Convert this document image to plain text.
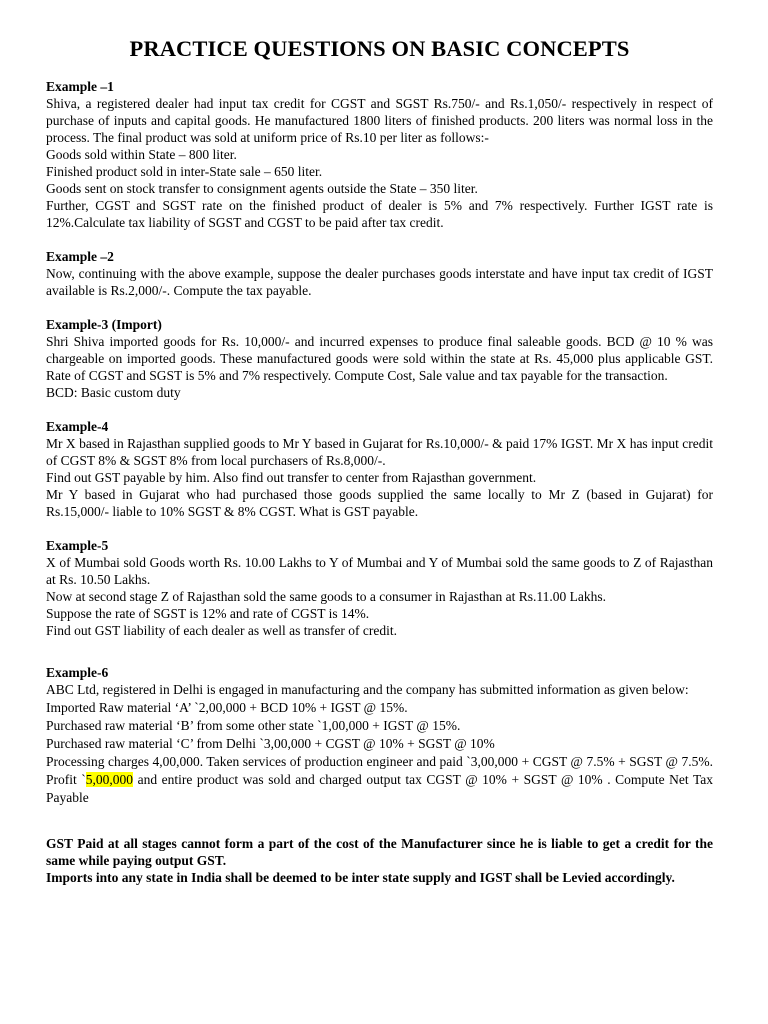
PRACTICE QUESTIONS ON BASIC CONCEPTS

Example –1

Shiva, a registered dealer had input tax credit for CGST and SGST Rs.750/- and Rs.1,050/- respectively in respect of purchase of inputs and capital goods. He manufactured 1800 liters of finished products. 200 liters was normal loss in the process. The final product was sold at uniform price of Rs.10 per liter as follows:-

Goods sold within State – 800 liter.

Finished product sold in inter-State sale – 650 liter.

Goods sent on stock transfer to consignment agents outside the State – 350 liter.

Further, CGST and SGST rate on the finished product of dealer is 5% and 7% respectively. Further IGST rate is 12%.Calculate tax liability of SGST and CGST to be paid after tax credit.

Example –2

Now, continuing with the above example, suppose the dealer purchases goods interstate and have input tax credit of IGST available is Rs.2,000/-. Compute the tax payable.

Example-3 (Import)

Shri Shiva imported goods for Rs. 10,000/- and incurred expenses to produce final saleable goods. BCD @ 10 % was chargeable on imported goods. These manufactured goods were sold within the state at Rs. 45,000 plus applicable GST. Rate of CGST and SGST is 5% and 7% respectively. Compute Cost, Sale value and tax payable for the transaction.

BCD: Basic custom duty

Example-4

Mr X based in Rajasthan supplied goods to Mr Y based in Gujarat for Rs.10,000/- & paid 17% IGST. Mr X has input credit of CGST 8% & SGST 8% from local purchasers of Rs.8,000/-.

Find out GST payable by him. Also find out transfer to center from Rajasthan government.

Mr Y based in Gujarat who had purchased those goods supplied the same locally to Mr Z (based in Gujarat) for Rs.15,000/- liable to 10% SGST & 8% CGST. What is GST payable.

Example-5

X of Mumbai sold Goods worth Rs. 10.00 Lakhs to Y of Mumbai and Y of Mumbai sold the same goods to Z of Rajasthan at Rs. 10.50 Lakhs.

Now at second stage Z of Rajasthan sold the same goods to a consumer in Rajasthan at Rs.11.00 Lakhs.

Suppose the rate of SGST is 12% and rate of CGST is 14%.

Find out GST liability of each dealer as well as transfer of credit.

Example-6

ABC Ltd, registered in Delhi is engaged in manufacturing and the company has submitted information as given below:

Imported Raw material ‘A’ `2,00,000 + BCD 10% + IGST @ 15%.

Purchased raw material ‘B’ from some other state `1,00,000 + IGST @ 15%.

Purchased raw material ‘C’ from Delhi `3,00,000 + CGST @ 10% + SGST @ 10%

Processing charges 4,00,000. Taken services of production engineer and paid `3,00,000 + CGST @ 7.5% + SGST @ 7.5%. Profit `5,00,000 and entire product was sold and charged output tax CGST @ 10% + SGST @ 10% . Compute Net Tax Payable

GST Paid at all stages cannot form a part of the cost of the Manufacturer since he is liable to get a credit for the same while paying output GST.

Imports into any state in India shall be deemed to be inter state supply and IGST shall be Levied accordingly.
